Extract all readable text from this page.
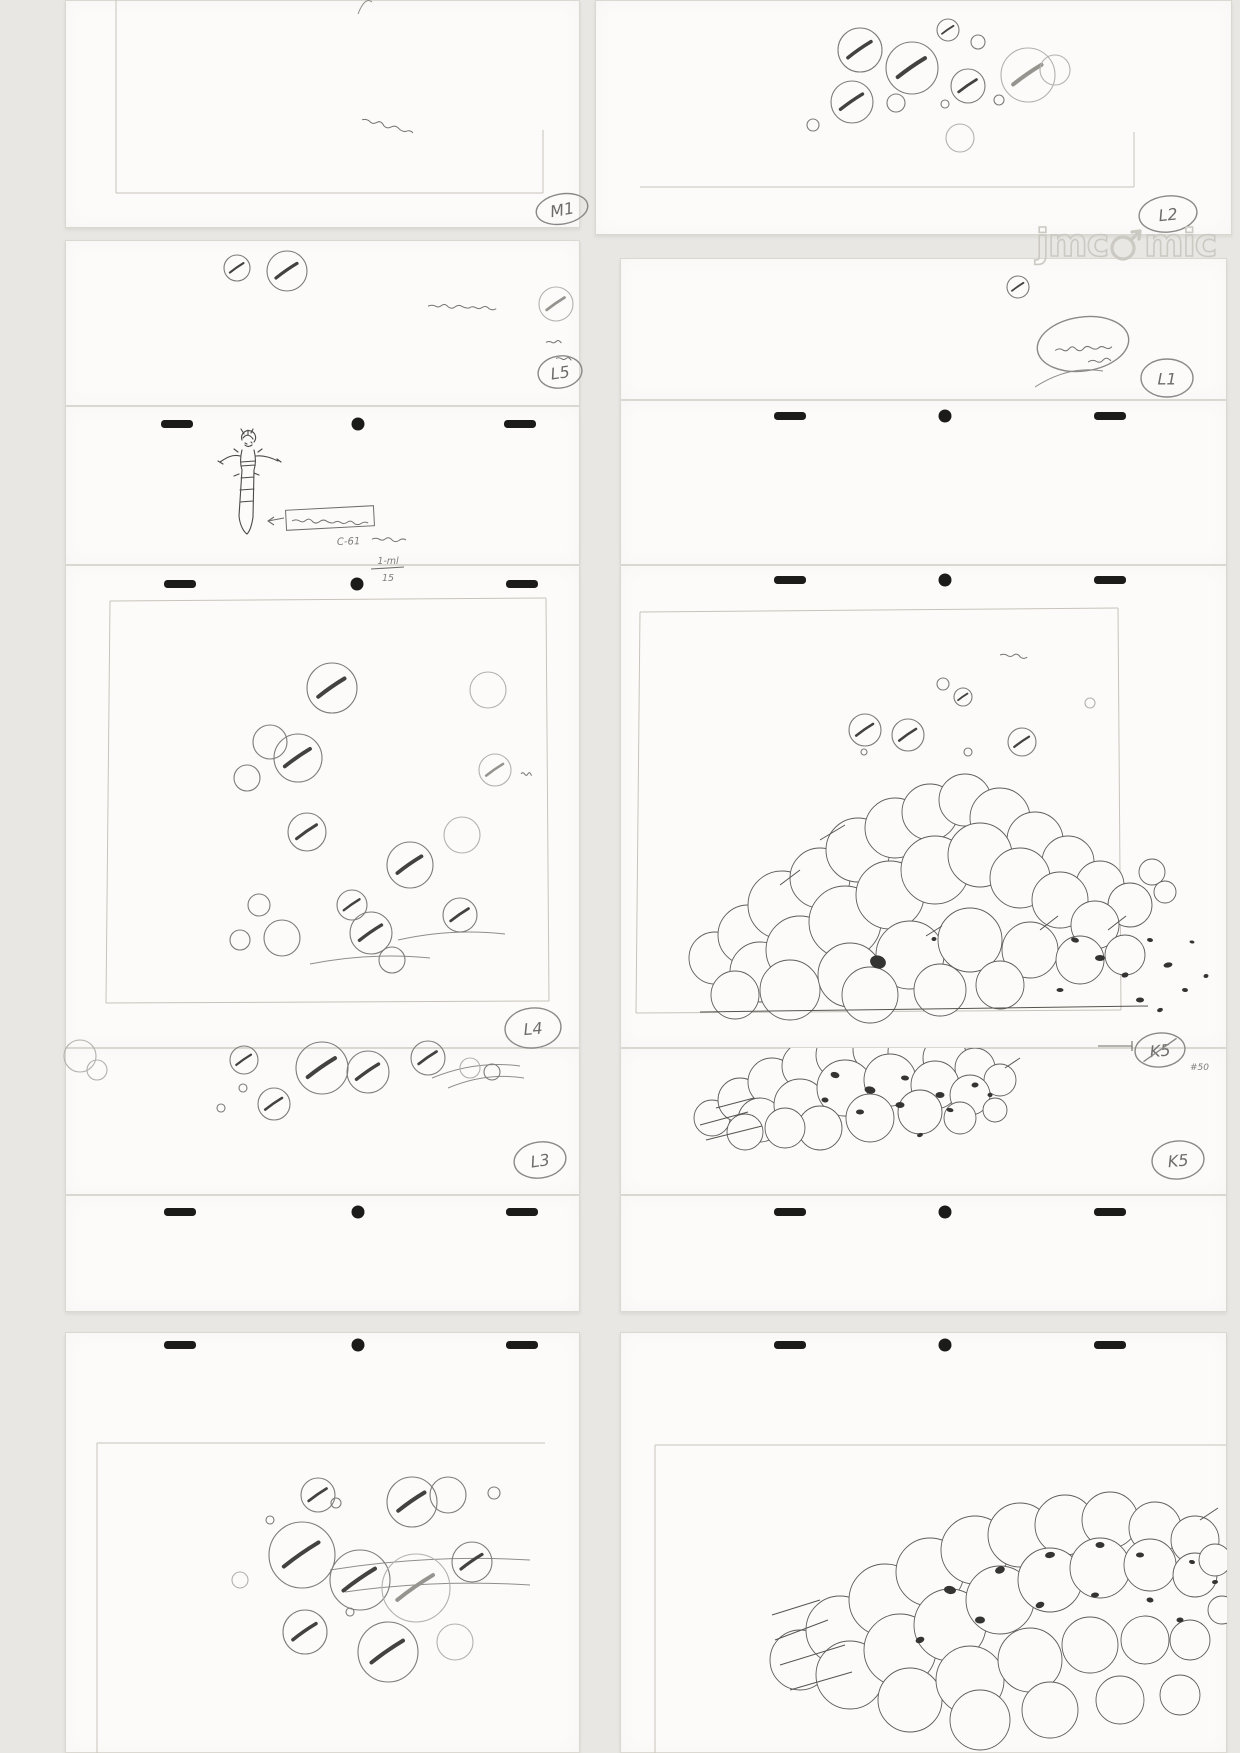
M1	L2
L5	L1
C-61
1-ml
15
L4
K5
#50
L3	K5
jmc mic
